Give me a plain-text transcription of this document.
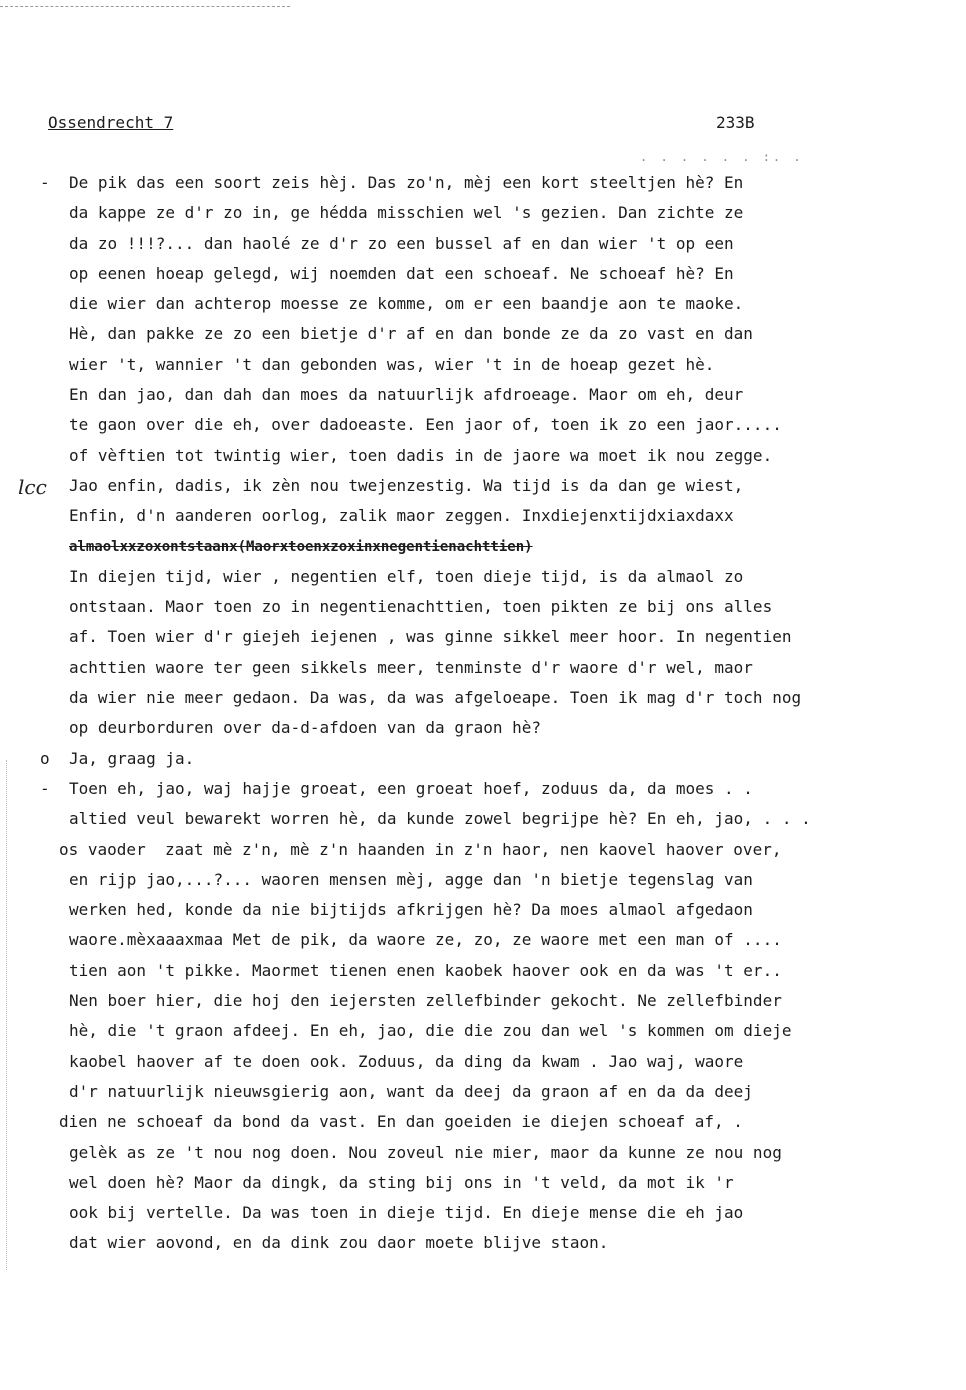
Ossendrecht 7	233B
. . . . . . :. .
lcc
-	De pik das een soort zeis hèj. Das zo'n, mèj een kort steeltjen hè? En
da kappe ze d'r zo in, ge hédda misschien wel 's gezien. Dan zichte ze
da zo !!!?... dan haolé ze d'r zo een bussel af en dan wier 't op een
op eenen hoeap gelegd, wij noemden dat een schoeaf. Ne schoeaf hè? En
die wier dan achterop moesse ze komme, om er een baandje aon te maoke.
Hè, dan pakke ze zo een bietje d'r af en dan bonde ze da zo vast en dan
wier 't, wannier 't dan gebonden was, wier 't in de hoeap gezet hè.
En dan jao, dan dah dan moes da natuurlijk afdroeage. Maor om eh, deur
te gaon over die eh, over dadoeaste. Een jaor of, toen ik zo een jaor.....
of vèftien tot twintig wier, toen dadis in de jaore wa moet ik nou zegge.
Jao enfin, dadis, ik zèn nou twejenzestig. Wa tijd is da dan ge wiest,
Enfin, d'n aanderen oorlog, zalik maor zeggen. Inxdiejenxtijdxiaxdaxx
almaolxxzoxontstaanx(Maorxtoenxzoxinxnegentienachttien)
In diejen tijd, wier , negentien elf, toen dieje tijd, is da almaol zo
ontstaan. Maor toen zo in negentienachttien, toen pikten ze bij ons alles
af. Toen wier d'r giejeh iejenen , was ginne sikkel meer hoor. In negentien
achttien waore ter geen sikkels meer, tenminste d'r waore d'r wel, maor
da wier nie meer gedaon. Da was, da was afgeloeape. Toen ik mag d'r toch nog
op deurborduren over da-d-afdoen van da graon hè?
o	Ja, graag ja.
-	Toen eh, jao, waj hajje groeat, een groeat hoef, zoduus da, da moes . .
altied veul bewarekt worren hè, da kunde zowel begrijpe hè? En eh, jao, . . .
os vaoder  zaat mè z'n, mè z'n haanden in z'n haor, nen kaovel haover over,
en rijp jao,...?... waoren mensen mèj, agge dan 'n bietje tegenslag van
werken hed, konde da nie bijtijds afkrijgen hè? Da moes almaol afgedaon
waore.mèxaaaxmaa Met de pik, da waore ze, zo, ze waore met een man of ....
tien aon 't pikke. Maormet tienen enen kaobek haover ook en da was 't er..
Nen boer hier, die hoj den iejersten zellefbinder gekocht. Ne zellefbinder
hè, die 't graon afdeej. En eh, jao, die die zou dan wel 's kommen om dieje
kaobel haover af te doen ook. Zoduus, da ding da kwam . Jao waj, waore
d'r natuurlijk nieuwsgierig aon, want da deej da graon af en da da deej
dien ne schoeaf da bond da vast. En dan goeiden ie diejen schoeaf af, .
gelèk as ze 't nou nog doen. Nou zoveul nie mier, maor da kunne ze nou nog
wel doen hè? Maor da dingk, da sting bij ons in 't veld, da mot ik 'r
ook bij vertelle. Da was toen in dieje tijd. En dieje mense die eh jao
dat wier aovond, en da dink zou daor moete blijve staon.
